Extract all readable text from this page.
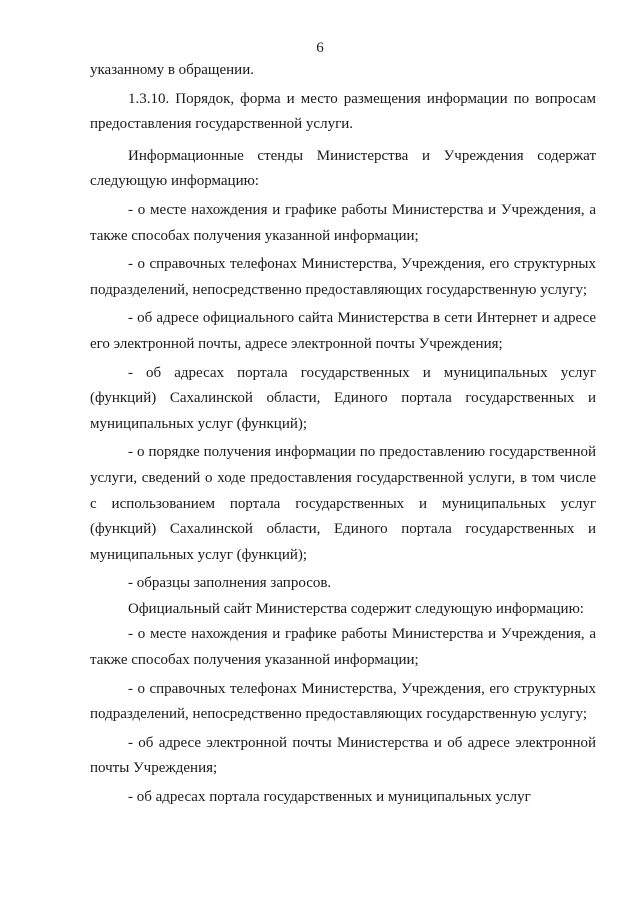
6

указанному в обращении.

1.3.10. Порядок, форма и место размещения информации по вопросам предоставления государственной услуги.

Информационные стенды Министерства и Учреждения содержат следующую информацию:

- о месте нахождения и графике работы Министерства и Учреждения, а также способах получения указанной информации;

- о справочных телефонах Министерства, Учреждения, его структурных подразделений, непосредственно предоставляющих государственную услугу;

- об адресе официального сайта Министерства в сети Интернет и адресе его электронной почты, адресе электронной почты Учреждения;

- об адресах портала государственных и муниципальных услуг (функций) Сахалинской области, Единого портала государственных и муниципальных услуг (функций);

- о порядке получения информации по предоставлению государственной услуги, сведений о ходе предоставления государственной услуги, в том числе с использованием портала государственных и муниципальных услуг (функций) Сахалинской области, Единого портала государственных и муниципальных услуг (функций);

- образцы заполнения запросов.

Официальный сайт Министерства содержит следующую информацию:

- о месте нахождения и графике работы Министерства и Учреждения, а также способах получения указанной информации;

- о справочных телефонах Министерства, Учреждения, его структурных подразделений, непосредственно предоставляющих государственную услугу;

- об адресе электронной почты Министерства и об адресе электронной почты Учреждения;

- об адресах портала государственных и муниципальных услуг
